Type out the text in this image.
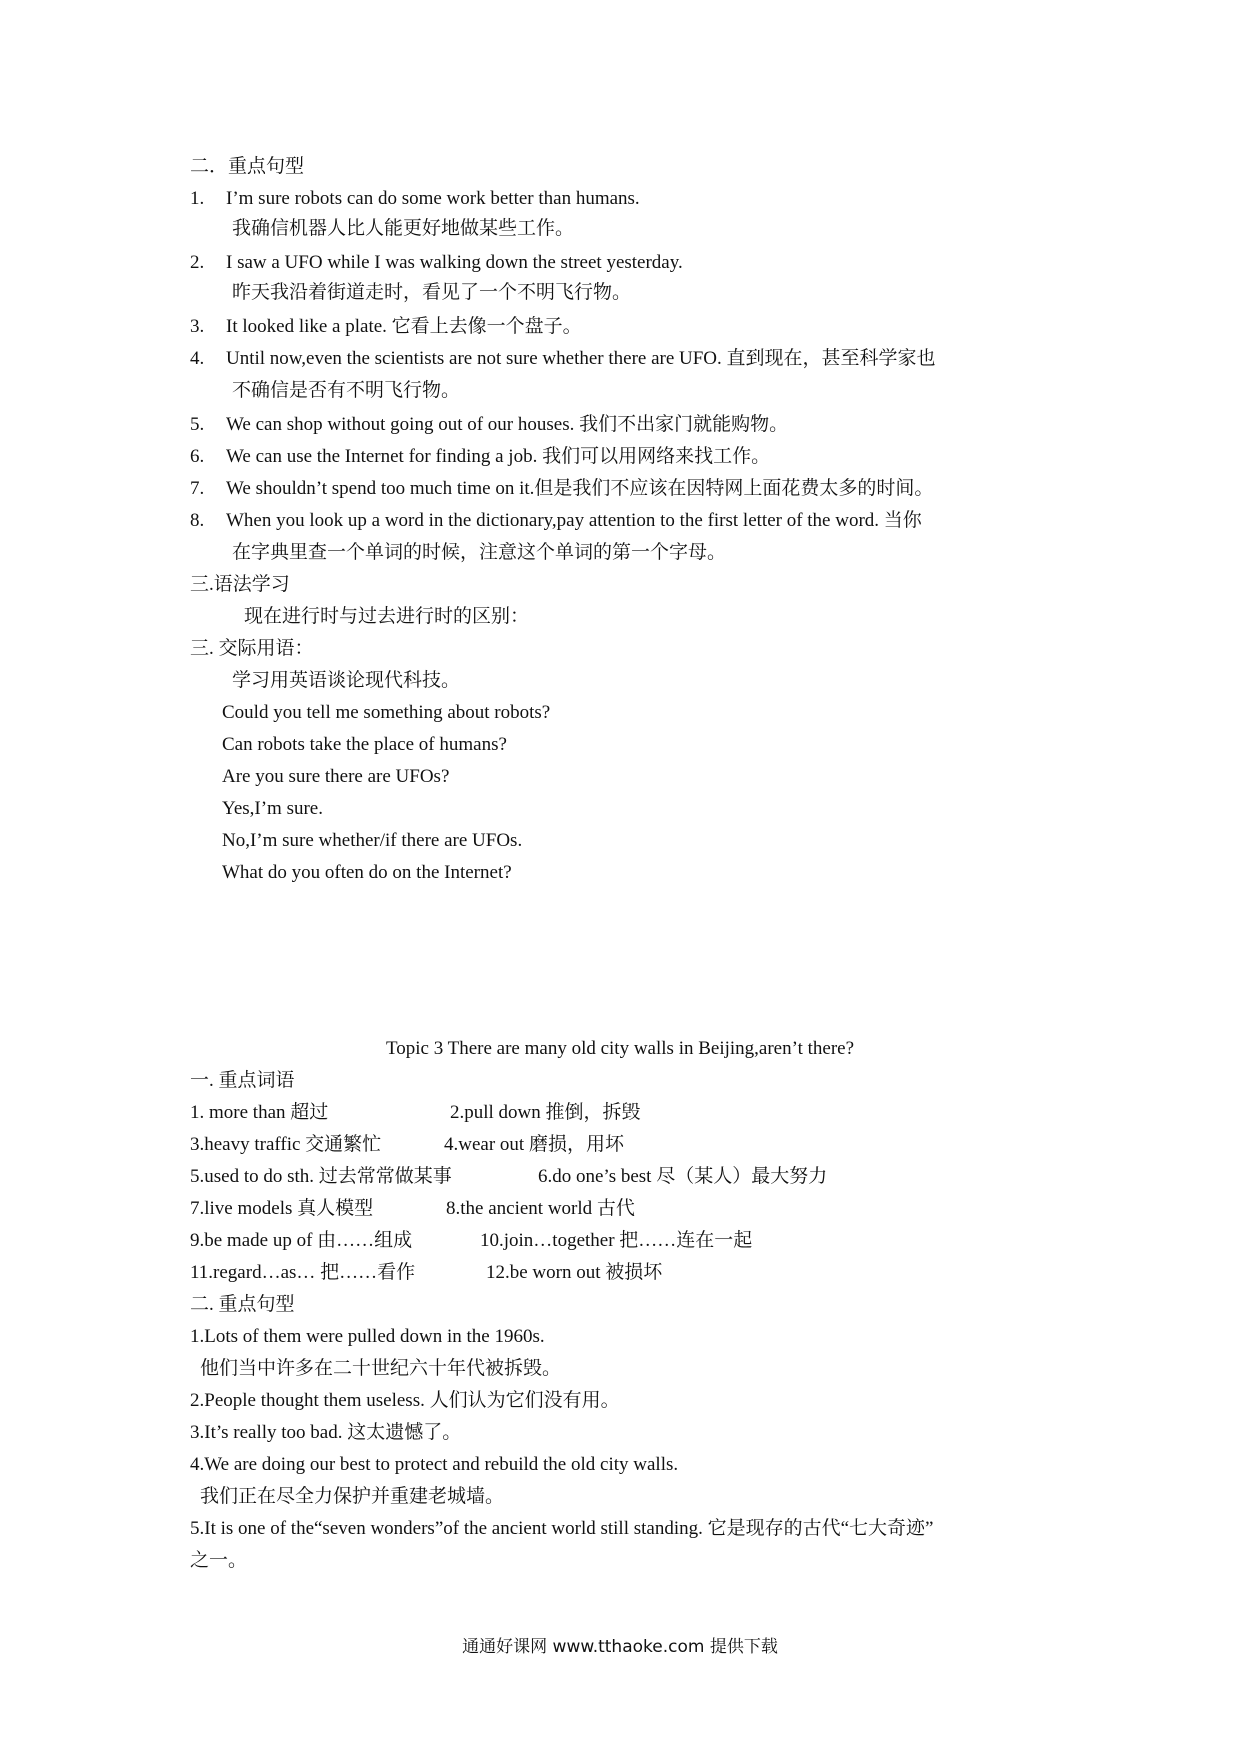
二．重点句型
1. I’m sure robots can do some work better than humans.
我确信机器人比人能更好地做某些工作。
2. I saw a UFO while I was walking down the street yesterday.
昨天我沿着街道走时，看见了一个不明飞行物。
3. It looked like a plate. 它看上去像一个盘子。
4. Until now,even the scientists are not sure whether there are UFO. 直到现在，甚至科学家也
不确信是否有不明飞行物。
5. We can shop without going out of our houses. 我们不出家门就能购物。
6. We can use the Internet for finding a job. 我们可以用网络来找工作。
7. We shouldn’t spend too much time on it.但是我们不应该在因特网上面花费太多的时间。
8. When you look up a word in the dictionary,pay attention to the first letter of the word. 当你
在字典里查一个单词的时候，注意这个单词的第一个字母。
三.语法学习
现在进行时与过去进行时的区别：
三. 交际用语：
学习用英语谈论现代科技。
Could you tell me something about robots?
Can robots take the place of humans?
Are you sure there are UFOs?
Yes,I’m sure.
No,I’m sure whether/if there are UFOs.
What do you often do on the Internet?
Topic 3 There are many old city walls in Beijing,aren’t there?
一. 重点词语
1. more than 超过	2.pull down 推倒，拆毁
3.heavy traffic 交通繁忙	4.wear out 磨损，用坏
5.used to do sth. 过去常常做某事	6.do one’s best 尽（某人）最大努力
7.live models 真人模型	8.the ancient world 古代
9.be made up of 由……组成	10.join…together 把……连在一起
11.regard…as… 把……看作	12.be worn out 被损坏
二. 重点句型
1.Lots of them were pulled down in the 1960s.
他们当中许多在二十世纪六十年代被拆毁。
2.People thought them useless. 人们认为它们没有用。
3.It’s really too bad. 这太遗憾了。
4.We are doing our best to protect and rebuild the old city walls.
我们正在尽全力保护并重建老城墙。
5.It is one of the“seven wonders”of the ancient world still standing. 它是现存的古代“七大奇迹”
之一。
通通好课网 www.tthaoke.com 提供下载
